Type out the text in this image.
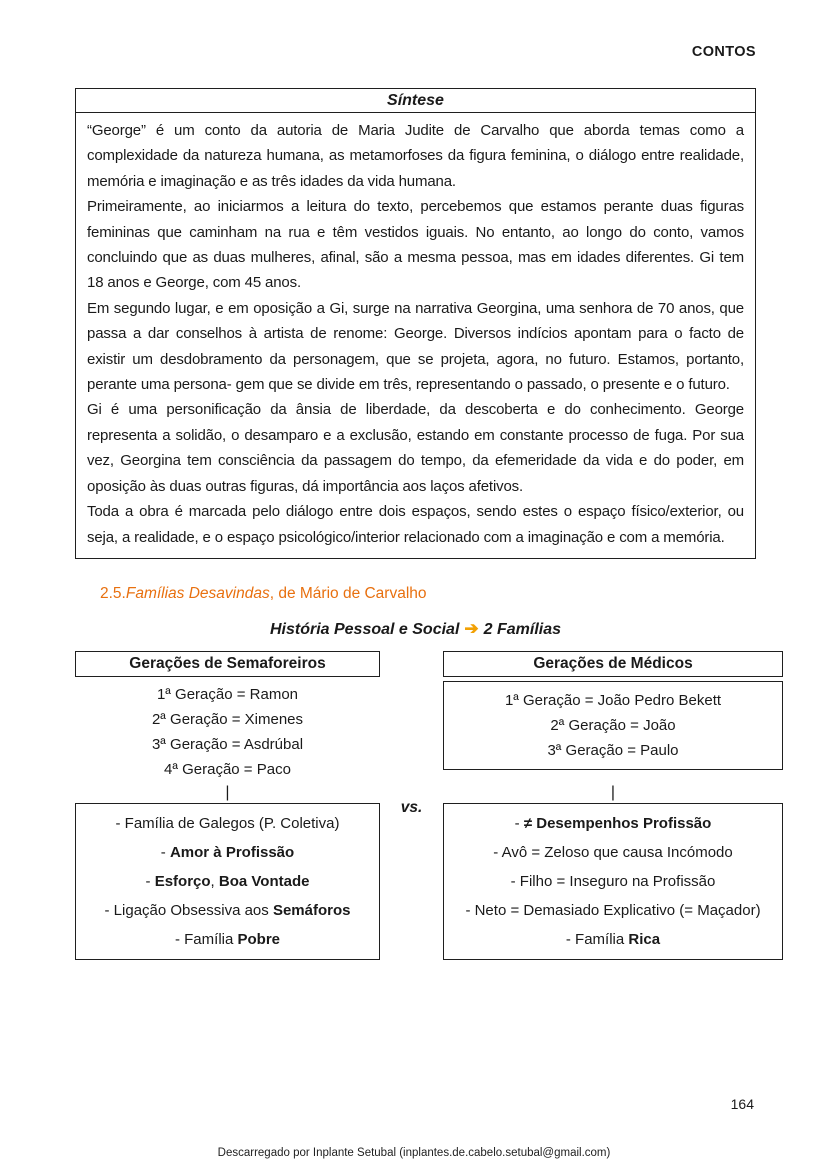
CONTOS
Síntese

“George” é um conto da autoria de Maria Judite de Carvalho que aborda temas como a complexidade da natureza humana, as metamorfoses da figura feminina, o diálogo entre realidade, memória e imaginação e as três idades da vida humana.

Primeiramente, ao iniciarmos a leitura do texto, percebemos que estamos perante duas figuras femininas que caminham na rua e têm vestidos iguais. No entanto, ao longo do conto, vamos concluindo que as duas mulheres, afinal, são a mesma pessoa, mas em idades diferentes. Gi tem 18 anos e George, com 45 anos.

Em segundo lugar, e em oposição a Gi, surge na narrativa Georgina, uma senhora de 70 anos, que passa a dar conselhos à artista de renome: George. Diversos indícios apontam para o facto de existir um desdobramento da personagem, que se projeta, agora, no futuro. Estamos, portanto, perante uma persona- gem que se divide em três, representando o passado, o presente e o futuro.

Gi é uma personificação da ânsia de liberdade, da descoberta e do conhecimento. George representa a solidão, o desamparo e a exclusão, estando em constante processo de fuga. Por sua vez, Georgina tem consciência da passagem do tempo, da efemeridade da vida e do poder, em oposição às duas outras figuras, dá importância aos laços afetivos.

Toda a obra é marcada pelo diálogo entre dois espaços, sendo estes o espaço físico/exterior, ou seja, a realidade, e o espaço psicológico/interior relacionado com a imaginação e com a memória.

2.5.Famílias Desavindas, de Mário de Carvalho
História Pessoal e Social ➔ 2 Famílias
Gerações de Semaforeiros
1ª Geração = Ramon
2ª Geração = Ximenes
3ª Geração = Asdrúbal
4ª Geração = Paco
|
- Família de Galegos (P. Coletiva)
- Amor à Profissão
- Esforço, Boa Vontade
- Ligação Obsessiva aos Semáforos
- Família Pobre
vs.
Gerações de Médicos
1ª Geração = João Pedro Bekett
2ª Geração = João
3ª Geração = Paulo
|
- ≠ Desempenhos Profissão
- Avô = Zeloso que causa Incómodo
- Filho = Inseguro na Profissão
- Neto = Demasiado Explicativo (= Maçador)
- Família Rica
164
Descarregado por Inplante Setubal (inplantes.de.cabelo.setubal@gmail.com)
